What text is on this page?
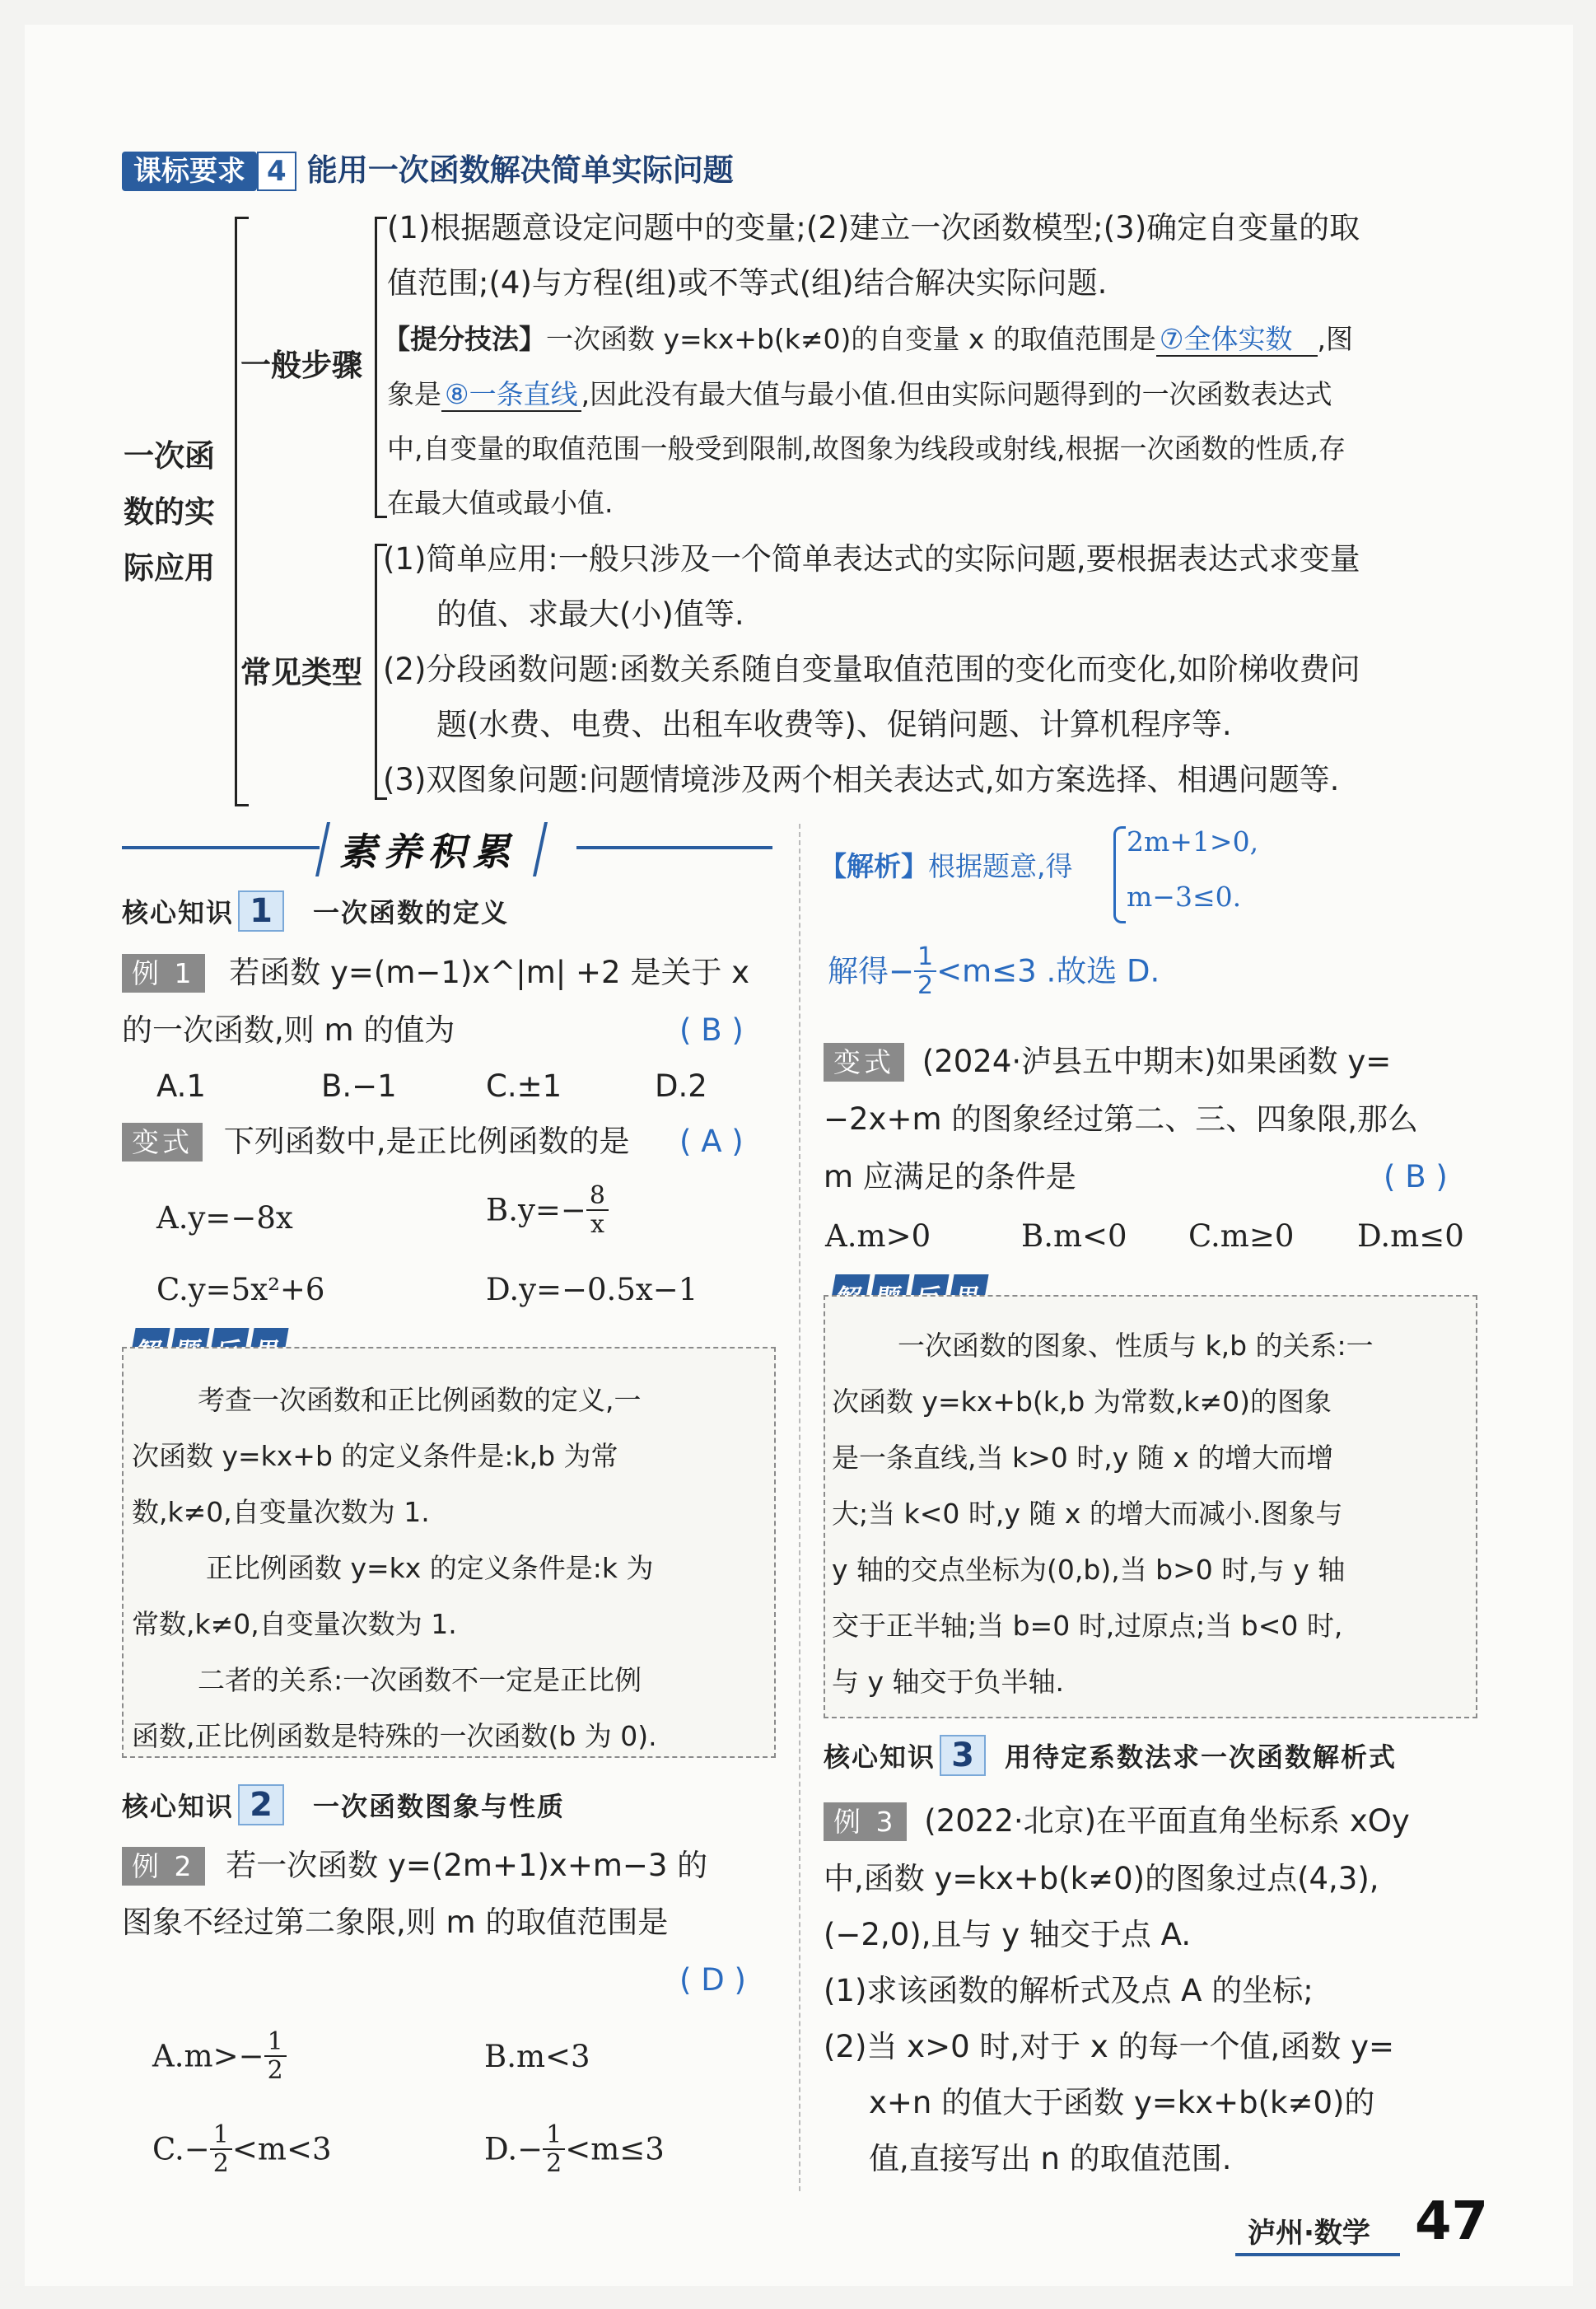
课标要求 4 能用一次函数解决简单实际问题
一次函
数的实
际应用
一般步骤
(1)根据题意设定问题中的变量;(2)建立一次函数模型;(3)确定自变量的取
值范围;(4)与方程(组)或不等式(组)结合解决实际问题.
【提分技法】一次函数 y=kx+b(k≠0)的自变量 x 的取值范围是 ⑦全体实数 ,图
象是 ⑧一条直线 ,因此没有最大值与最小值.但由实际问题得到的一次函数表达式
中,自变量的取值范围一般受到限制,故图象为线段或射线,根据一次函数的性质,存
在最大值或最小值.
常见类型
(1)简单应用:一般只涉及一个简单表达式的实际问题,要根据表达式求变量
的值、求最大(小)值等.
(2)分段函数问题:函数关系随自变量取值范围的变化而变化,如阶梯收费问
题(水费、电费、出租车收费等)、促销问题、计算机程序等.
(3)双图象问题:问题情境涉及两个相关表达式,如方案选择、相遇问题等.
素养积累
核心知识 1 一次函数的定义
例 1 若函数 y=(m−1)x^|m| +2 是关于 x
的一次函数,则 m 的值为	( B )
A.1	B.−1	C.±1	D.2
变式 下列函数中,是正比例函数的是 ( A )
A.y=−8x	$B.y=- \frac{8}{x}$
C.y=5x²+6	D.y=−0.5x−1
考查一次函数和正比例函数的定义,一
次函数 y=kx+b 的定义条件是:k,b 为常
数,k≠0,自变量次数为 1.
正比例函数 y=kx 的定义条件是:k 为
常数,k≠0,自变量次数为 1.
二者的关系:一次函数不一定是正比例
函数,正比例函数是特殊的一次函数(b 为 0).
核心知识 2 一次函数图象与性质
例 2 若一次函数 y=(2m+1)x+m−3 的
图象不经过第二象限,则 m 的取值范围是
( D )
$A.m>- \frac{1}{2}$	B.m<3
$C.- \frac{1}{2} <m<3$	$D.- \frac{1}{2} <m\le 3$
【解析】根据题意,得
2m+1>0,
m−3≤0.
解得− $\frac{1}{2} <m\le 3$ .故选 D.
变式 (2024·泸县五中期末)如果函数 y=
−2x+m 的图象经过第二、三、四象限,那么
m 应满足的条件是	( B )
A.m>0	B.m<0 C.m≥0 D.m≤0
一次函数的图象、性质与 k,b 的关系:一
次函数 y=kx+b(k,b 为常数,k≠0)的图象
是一条直线,当 k>0 时,y 随 x 的增大而增
大;当 k<0 时,y 随 x 的增大而减小.图象与
y 轴的交点坐标为(0,b),当 b>0 时,与 y 轴
交于正半轴;当 b=0 时,过原点;当 b<0 时,
与 y 轴交于负半轴.
核心知识 3 用待定系数法求一次函数解析式
例 3 (2022·北京)在平面直角坐标系 xOy
中,函数 y=kx+b(k≠0)的图象过点(4,3),
(−2,0),且与 y 轴交于点 A.
(1)求该函数的解析式及点 A 的坐标;
(2)当 x>0 时,对于 x 的每一个值,函数 y=
x+n 的值大于函数 y=kx+b(k≠0)的
值,直接写出 n 的取值范围.
泸州·数学 47
